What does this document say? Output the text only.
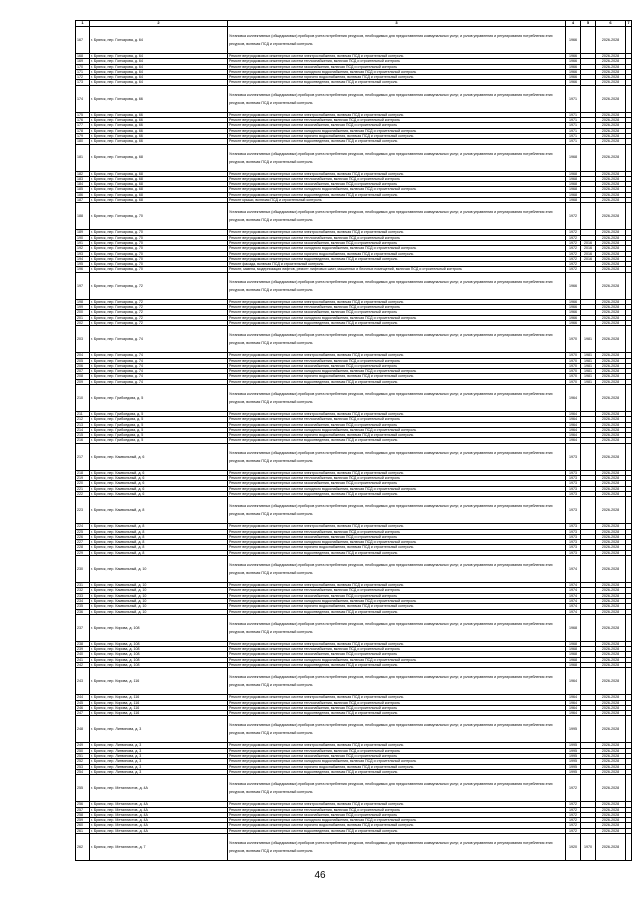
1	2	3	4	5	6	7
167	г. Брянск, пер. Гончарова, д. 64	Установка коллективных (общедомовых) приборов учета потребления ресурсов, необходимых для предоставления коммунальных услуг, и узлов управления и регулирования потребления этих ресурсов, включая ПСД и строительный контроль	1966		2026-2028	
168	г. Брянск, пер. Гончарова, д. 64	Ремонт внутридомовых инженерных систем электроснабжения, включая ПСД и строительный контроль	1966		2026-2028	
169	г. Брянск, пер. Гончарова, д. 64	Ремонт внутридомовых инженерных систем теплоснабжения, включая ПСД и строительный контроль	1966		2026-2028	
170	г. Брянск, пер. Гончарова, д. 64	Ремонт внутридомовых инженерных систем газоснабжения, включая ПСД и строительный контроль	1966		2026-2028	
171	г. Брянск, пер. Гончарова, д. 64	Ремонт внутридомовых инженерных систем холодного водоснабжения, включая ПСД и строительный контроль	1966		2026-2028	
172	г. Брянск, пер. Гончарова, д. 64	Ремонт внутридомовых инженерных систем горячего водоснабжения, включая ПСД и строительный контроль	1966		2026-2028	
173	г. Брянск, пер. Гончарова, д. 64	Ремонт внутридомовых инженерных систем водоотведения, включая ПСД и строительный контроль	1966		2026-2028	
174	г. Брянск, пер. Гончарова, д. 66	Установка коллективных (общедомовых) приборов учета потребления ресурсов, необходимых для предоставления коммунальных услуг, и узлов управления и регулирования потребления этих ресурсов, включая ПСД и строительный контроль	1971		2026-2028	
175	г. Брянск, пер. Гончарова, д. 66	Ремонт внутридомовых инженерных систем электроснабжения, включая ПСД и строительный контроль	1971		2026-2028	
176	г. Брянск, пер. Гончарова, д. 66	Ремонт внутридомовых инженерных систем теплоснабжения, включая ПСД и строительный контроль	1971		2026-2028	
177	г. Брянск, пер. Гончарова, д. 66	Ремонт внутридомовых инженерных систем газоснабжения, включая ПСД и строительный контроль	1971		2026-2028	
178	г. Брянск, пер. Гончарова, д. 66	Ремонт внутридомовых инженерных систем холодного водоснабжения, включая ПСД и строительный контроль	1971		2026-2028	
179	г. Брянск, пер. Гончарова, д. 66	Ремонт внутридомовых инженерных систем горячего водоснабжения, включая ПСД и строительный контроль	1971		2026-2028	
180	г. Брянск, пер. Гончарова, д. 66	Ремонт внутридомовых инженерных систем водоотведения, включая ПСД и строительный контроль	1971		2026-2028	
181	г. Брянск, пер. Гончарова, д. 68	Установка коллективных (общедомовых) приборов учета потребления ресурсов, необходимых для предоставления коммунальных услуг, и узлов управления и регулирования потребления этих ресурсов, включая ПСД и строительный контроль	1968		2026-2028	
182	г. Брянск, пер. Гончарова, д. 68	Ремонт внутридомовых инженерных систем электроснабжения, включая ПСД и строительный контроль	1968		2026-2028	
183	г. Брянск, пер. Гончарова, д. 68	Ремонт внутридомовых инженерных систем теплоснабжения, включая ПСД и строительный контроль	1968		2026-2028	
184	г. Брянск, пер. Гончарова, д. 68	Ремонт внутридомовых инженерных систем газоснабжения, включая ПСД и строительный контроль	1968		2026-2028	
185	г. Брянск, пер. Гончарова, д. 68	Ремонт внутридомовых инженерных систем холодного водоснабжения, включая ПСД и строительный контроль	1968		2026-2028	
186	г. Брянск, пер. Гончарова, д. 68	Ремонт внутридомовых инженерных систем водоотведения, включая ПСД и строительный контроль	1968		2026-2028	
187	г. Брянск, пер. Гончарова, д. 68	Ремонт крыши, включая ПСД и строительный контроль	1968		2026-2028	
188	г. Брянск, пер. Гончарова, д. 70	Установка коллективных (общедомовых) приборов учета потребления ресурсов, необходимых для предоставления коммунальных услуг, и узлов управления и регулирования потребления этих ресурсов, включая ПСД и строительный контроль	1972		2026-2028	
189	г. Брянск, пер. Гончарова, д. 70	Ремонт внутридомовых инженерных систем электроснабжения, включая ПСД и строительный контроль	1972		2026-2028	
190	г. Брянск, пер. Гончарова, д. 70	Ремонт внутридомовых инженерных систем теплоснабжения, включая ПСД и строительный контроль	1972		2026-2028	
191	г. Брянск, пер. Гончарова, д. 70	Ремонт внутридомовых инженерных систем газоснабжения, включая ПСД и строительный контроль	1972	2016	2026-2028	
192	г. Брянск, пер. Гончарова, д. 70	Ремонт внутридомовых инженерных систем холодного водоснабжения, включая ПСД и строительный контроль	1972	2016	2026-2028	
193	г. Брянск, пер. Гончарова, д. 70	Ремонт внутридомовых инженерных систем горячего водоснабжения, включая ПСД и строительный контроль	1972	2016	2026-2028	
194	г. Брянск, пер. Гончарова, д. 70	Ремонт внутридомовых инженерных систем водоотведения, включая ПСД и строительный контроль	1972	2016	2026-2028	
195	г. Брянск, пер. Гончарова, д. 70	Ремонт фасада, включая ПСД и строительный контроль	1972		2026-2028	
196	г. Брянск, пер. Гончарова, д. 70	Ремонт, замена, модернизация лифтов, ремонт лифтовых шахт, машинных и блочных помещений, включая ПСД и строительный контроль	1972		2026-2028	
197	г. Брянск, пер. Гончарова, д. 72	Установка коллективных (общедомовых) приборов учета потребления ресурсов, необходимых для предоставления коммунальных услуг, и узлов управления и регулирования потребления этих ресурсов, включая ПСД и строительный контроль	1966		2026-2028	
198	г. Брянск, пер. Гончарова, д. 72	Ремонт внутридомовых инженерных систем электроснабжения, включая ПСД и строительный контроль	1966		2026-2028	
199	г. Брянск, пер. Гончарова, д. 72	Ремонт внутридомовых инженерных систем теплоснабжения, включая ПСД и строительный контроль	1966		2026-2028	
200	г. Брянск, пер. Гончарова, д. 72	Ремонт внутридомовых инженерных систем газоснабжения, включая ПСД и строительный контроль	1966		2026-2028	
201	г. Брянск, пер. Гончарова, д. 72	Ремонт внутридомовых инженерных систем холодного водоснабжения, включая ПСД и строительный контроль	1966		2026-2028	
202	г. Брянск, пер. Гончарова, д. 72	Ремонт внутридомовых инженерных систем водоотведения, включая ПСД и строительный контроль	1966		2026-2028	
203	г. Брянск, пер. Гончарова, д. 74	Установка коллективных (общедомовых) приборов учета потребления ресурсов, необходимых для предоставления коммунальных услуг, и узлов управления и регулирования потребления этих ресурсов, включая ПСД и строительный контроль	1970	1981	2026-2028	
204	г. Брянск, пер. Гончарова, д. 74	Ремонт внутридомовых инженерных систем электроснабжения, включая ПСД и строительный контроль	1970	1981	2026-2028	
205	г. Брянск, пер. Гончарова, д. 74	Ремонт внутридомовых инженерных систем теплоснабжения, включая ПСД и строительный контроль	1970	1981	2026-2028	
206	г. Брянск, пер. Гончарова, д. 74	Ремонт внутридомовых инженерных систем газоснабжения, включая ПСД и строительный контроль	1970	1981	2026-2028	
207	г. Брянск, пер. Гончарова, д. 74	Ремонт внутридомовых инженерных систем холодного водоснабжения, включая ПСД и строительный контроль	1970	1981	2026-2028	
208	г. Брянск, пер. Гончарова, д. 74	Ремонт внутридомовых инженерных систем горячего водоснабжения, включая ПСД и строительный контроль	1970	1981	2026-2028	
209	г. Брянск, пер. Гончарова, д. 74	Ремонт внутридомовых инженерных систем водоотведения, включая ПСД и строительный контроль	1970	1981	2026-2028	
210	г. Брянск, пер. Грибоедова, д. 5	Установка коллективных (общедомовых) приборов учета потребления ресурсов, необходимых для предоставления коммунальных услуг, и узлов управления и регулирования потребления этих ресурсов, включая ПСД и строительный контроль	1964		2026-2028	
211	г. Брянск, пер. Грибоедова, д. 5	Ремонт внутридомовых инженерных систем электроснабжения, включая ПСД и строительный контроль	1964		2026-2028	
212	г. Брянск, пер. Грибоедова, д. 5	Ремонт внутридомовых инженерных систем теплоснабжения, включая ПСД и строительный контроль	1964		2026-2028	
213	г. Брянск, пер. Грибоедова, д. 5	Ремонт внутридомовых инженерных систем газоснабжения, включая ПСД и строительный контроль	1964		2026-2028	
214	г. Брянск, пер. Грибоедова, д. 5	Ремонт внутридомовых инженерных систем холодного водоснабжения, включая ПСД и строительный контроль	1964		2026-2028	
215	г. Брянск, пер. Грибоедова, д. 5	Ремонт внутридомовых инженерных систем горячего водоснабжения, включая ПСД и строительный контроль	1964		2026-2028	
216	г. Брянск, пер. Грибоедова, д. 5	Ремонт внутридомовых инженерных систем водоотведения, включая ПСД и строительный контроль	1964		2026-2028	
217	г. Брянск, пер. Камвольный, д. 6	Установка коллективных (общедомовых) приборов учета потребления ресурсов, необходимых для предоставления коммунальных услуг, и узлов управления и регулирования потребления этих ресурсов, включая ПСД и строительный контроль	1973		2026-2028	
218	г. Брянск, пер. Камвольный, д. 6	Ремонт внутридомовых инженерных систем электроснабжения, включая ПСД и строительный контроль	1973		2026-2028	
219	г. Брянск, пер. Камвольный, д. 6	Ремонт внутридомовых инженерных систем теплоснабжения, включая ПСД и строительный контроль	1973		2026-2028	
220	г. Брянск, пер. Камвольный, д. 6	Ремонт внутридомовых инженерных систем газоснабжения, включая ПСД и строительный контроль	1973		2026-2028	
221	г. Брянск, пер. Камвольный, д. 6	Ремонт внутридомовых инженерных систем холодного водоснабжения, включая ПСД и строительный контроль	1973		2026-2028	
222	г. Брянск, пер. Камвольный, д. 6	Ремонт внутридомовых инженерных систем водоотведения, включая ПСД и строительный контроль	1973		2026-2028	
223	г. Брянск, пер. Камвольный, д. 8	Установка коллективных (общедомовых) приборов учета потребления ресурсов, необходимых для предоставления коммунальных услуг, и узлов управления и регулирования потребления этих ресурсов, включая ПСД и строительный контроль	1973		2026-2028	
224	г. Брянск, пер. Камвольный, д. 8	Ремонт внутридомовых инженерных систем электроснабжения, включая ПСД и строительный контроль	1973		2026-2028	
225	г. Брянск, пер. Камвольный, д. 8	Ремонт внутридомовых инженерных систем теплоснабжения, включая ПСД и строительный контроль	1973		2026-2028	
226	г. Брянск, пер. Камвольный, д. 8	Ремонт внутридомовых инженерных систем газоснабжения, включая ПСД и строительный контроль	1973		2026-2028	
227	г. Брянск, пер. Камвольный, д. 8	Ремонт внутридомовых инженерных систем холодного водоснабжения, включая ПСД и строительный контроль	1973		2026-2028	
228	г. Брянск, пер. Камвольный, д. 8	Ремонт внутридомовых инженерных систем горячего водоснабжения, включая ПСД и строительный контроль	1973		2026-2028	
229	г. Брянск, пер. Камвольный, д. 8	Ремонт внутридомовых инженерных систем водоотведения, включая ПСД и строительный контроль	1973		2026-2028	
230	г. Брянск, пер. Камвольный, д. 10	Установка коллективных (общедомовых) приборов учета потребления ресурсов, необходимых для предоставления коммунальных услуг, и узлов управления и регулирования потребления этих ресурсов, включая ПСД и строительный контроль	1974		2026-2028	
231	г. Брянск, пер. Камвольный, д. 10	Ремонт внутридомовых инженерных систем электроснабжения, включая ПСД и строительный контроль	1974		2026-2028	
232	г. Брянск, пер. Камвольный, д. 10	Ремонт внутридомовых инженерных систем теплоснабжения, включая ПСД и строительный контроль	1974		2026-2028	
233	г. Брянск, пер. Камвольный, д. 10	Ремонт внутридомовых инженерных систем газоснабжения, включая ПСД и строительный контроль	1974		2026-2028	
234	г. Брянск, пер. Камвольный, д. 10	Ремонт внутридомовых инженерных систем холодного водоснабжения, включая ПСД и строительный контроль	1974		2026-2028	
235	г. Брянск, пер. Камвольный, д. 10	Ремонт внутридомовых инженерных систем горячего водоснабжения, включая ПСД и строительный контроль	1974		2026-2028	
236	г. Брянск, пер. Камвольный, д. 10	Ремонт внутридомовых инженерных систем водоотведения, включая ПСД и строительный контроль	1974		2026-2028	
237	г. Брянск, пер. Кирова, д. 108	Установка коллективных (общедомовых) приборов учета потребления ресурсов, необходимых для предоставления коммунальных услуг, и узлов управления и регулирования потребления этих ресурсов, включая ПСД и строительный контроль	1968		2026-2028	
238	г. Брянск, пер. Кирова, д. 108	Ремонт внутридомовых инженерных систем электроснабжения, включая ПСД и строительный контроль	1968		2026-2028	
239	г. Брянск, пер. Кирова, д. 108	Ремонт внутридомовых инженерных систем теплоснабжения, включая ПСД и строительный контроль	1968		2026-2028	
240	г. Брянск, пер. Кирова, д. 108	Ремонт внутридомовых инженерных систем газоснабжения, включая ПСД и строительный контроль	1968		2026-2028	
241	г. Брянск, пер. Кирова, д. 108	Ремонт внутридомовых инженерных систем холодного водоснабжения, включая ПСД и строительный контроль	1968		2026-2028	
242	г. Брянск, пер. Кирова, д. 108	Ремонт внутридомовых инженерных систем водоотведения, включая ПСД и строительный контроль	1968		2026-2028	
243	г. Брянск, пер. Кирова, д. 116	Установка коллективных (общедомовых) приборов учета потребления ресурсов, необходимых для предоставления коммунальных услуг, и узлов управления и регулирования потребления этих ресурсов, включая ПСД и строительный контроль	1964		2026-2028	
244	г. Брянск, пер. Кирова, д. 116	Ремонт внутридомовых инженерных систем электроснабжения, включая ПСД и строительный контроль	1964		2026-2028	
245	г. Брянск, пер. Кирова, д. 116	Ремонт внутридомовых инженерных систем теплоснабжения, включая ПСД и строительный контроль	1964		2026-2028	
246	г. Брянск, пер. Кирова, д. 116	Ремонт внутридомовых инженерных систем газоснабжения, включая ПСД и строительный контроль	1964		2026-2028	
247	г. Брянск, пер. Кирова, д. 116	Ремонт внутридомовых инженерных систем водоотведения, включая ПСД и строительный контроль	1964		2026-2028	
248	г. Брянск, пер. Литвинова, д. 3	Установка коллективных (общедомовых) приборов учета потребления ресурсов, необходимых для предоставления коммунальных услуг, и узлов управления и регулирования потребления этих ресурсов, включая ПСД и строительный контроль	1995		2026-2028	
249	г. Брянск, пер. Литвинова, д. 3	Ремонт внутридомовых инженерных систем электроснабжения, включая ПСД и строительный контроль	1995		2026-2028	
250	г. Брянск, пер. Литвинова, д. 3	Ремонт внутридомовых инженерных систем теплоснабжения, включая ПСД и строительный контроль	1995		2026-2028	
251	г. Брянск, пер. Литвинова, д. 3	Ремонт внутридомовых инженерных систем газоснабжения, включая ПСД и строительный контроль	1995		2026-2028	
252	г. Брянск, пер. Литвинова, д. 3	Ремонт внутридомовых инженерных систем холодного водоснабжения, включая ПСД и строительный контроль	1995		2026-2028	
253	г. Брянск, пер. Литвинова, д. 3	Ремонт внутридомовых инженерных систем горячего водоснабжения, включая ПСД и строительный контроль	1995		2026-2028	
254	г. Брянск, пер. Литвинова, д. 3	Ремонт внутридомовых инженерных систем водоотведения, включая ПСД и строительный контроль	1995		2026-2028	
255	г. Брянск, пер. Металлистов, д. 4А	Установка коллективных (общедомовых) приборов учета потребления ресурсов, необходимых для предоставления коммунальных услуг, и узлов управления и регулирования потребления этих ресурсов, включая ПСД и строительный контроль	1972		2026-2028	
256	г. Брянск, пер. Металлистов, д. 4А	Ремонт внутридомовых инженерных систем электроснабжения, включая ПСД и строительный контроль	1972		2026-2028	
257	г. Брянск, пер. Металлистов, д. 4А	Ремонт внутридомовых инженерных систем теплоснабжения, включая ПСД и строительный контроль	1972		2026-2028	
258	г. Брянск, пер. Металлистов, д. 4А	Ремонт внутридомовых инженерных систем газоснабжения, включая ПСД и строительный контроль	1972		2026-2028	
259	г. Брянск, пер. Металлистов, д. 4А	Ремонт внутридомовых инженерных систем холодного водоснабжения, включая ПСД и строительный контроль	1972		2026-2028	
260	г. Брянск, пер. Металлистов, д. 4А	Ремонт внутридомовых инженерных систем горячего водоснабжения, включая ПСД и строительный контроль	1972		2026-2028	
261	г. Брянск, пер. Металлистов, д. 4А	Ремонт внутридомовых инженерных систем водоотведения, включая ПСД и строительный контроль	1972		2026-2028	
262	г. Брянск, пер. Металлистов, д. 7	Установка коллективных (общедомовых) приборов учета потребления ресурсов, необходимых для предоставления коммунальных услуг, и узлов управления и регулирования потребления этих ресурсов, включая ПСД и строительный контроль	1920	1970	2026-2028	
46
